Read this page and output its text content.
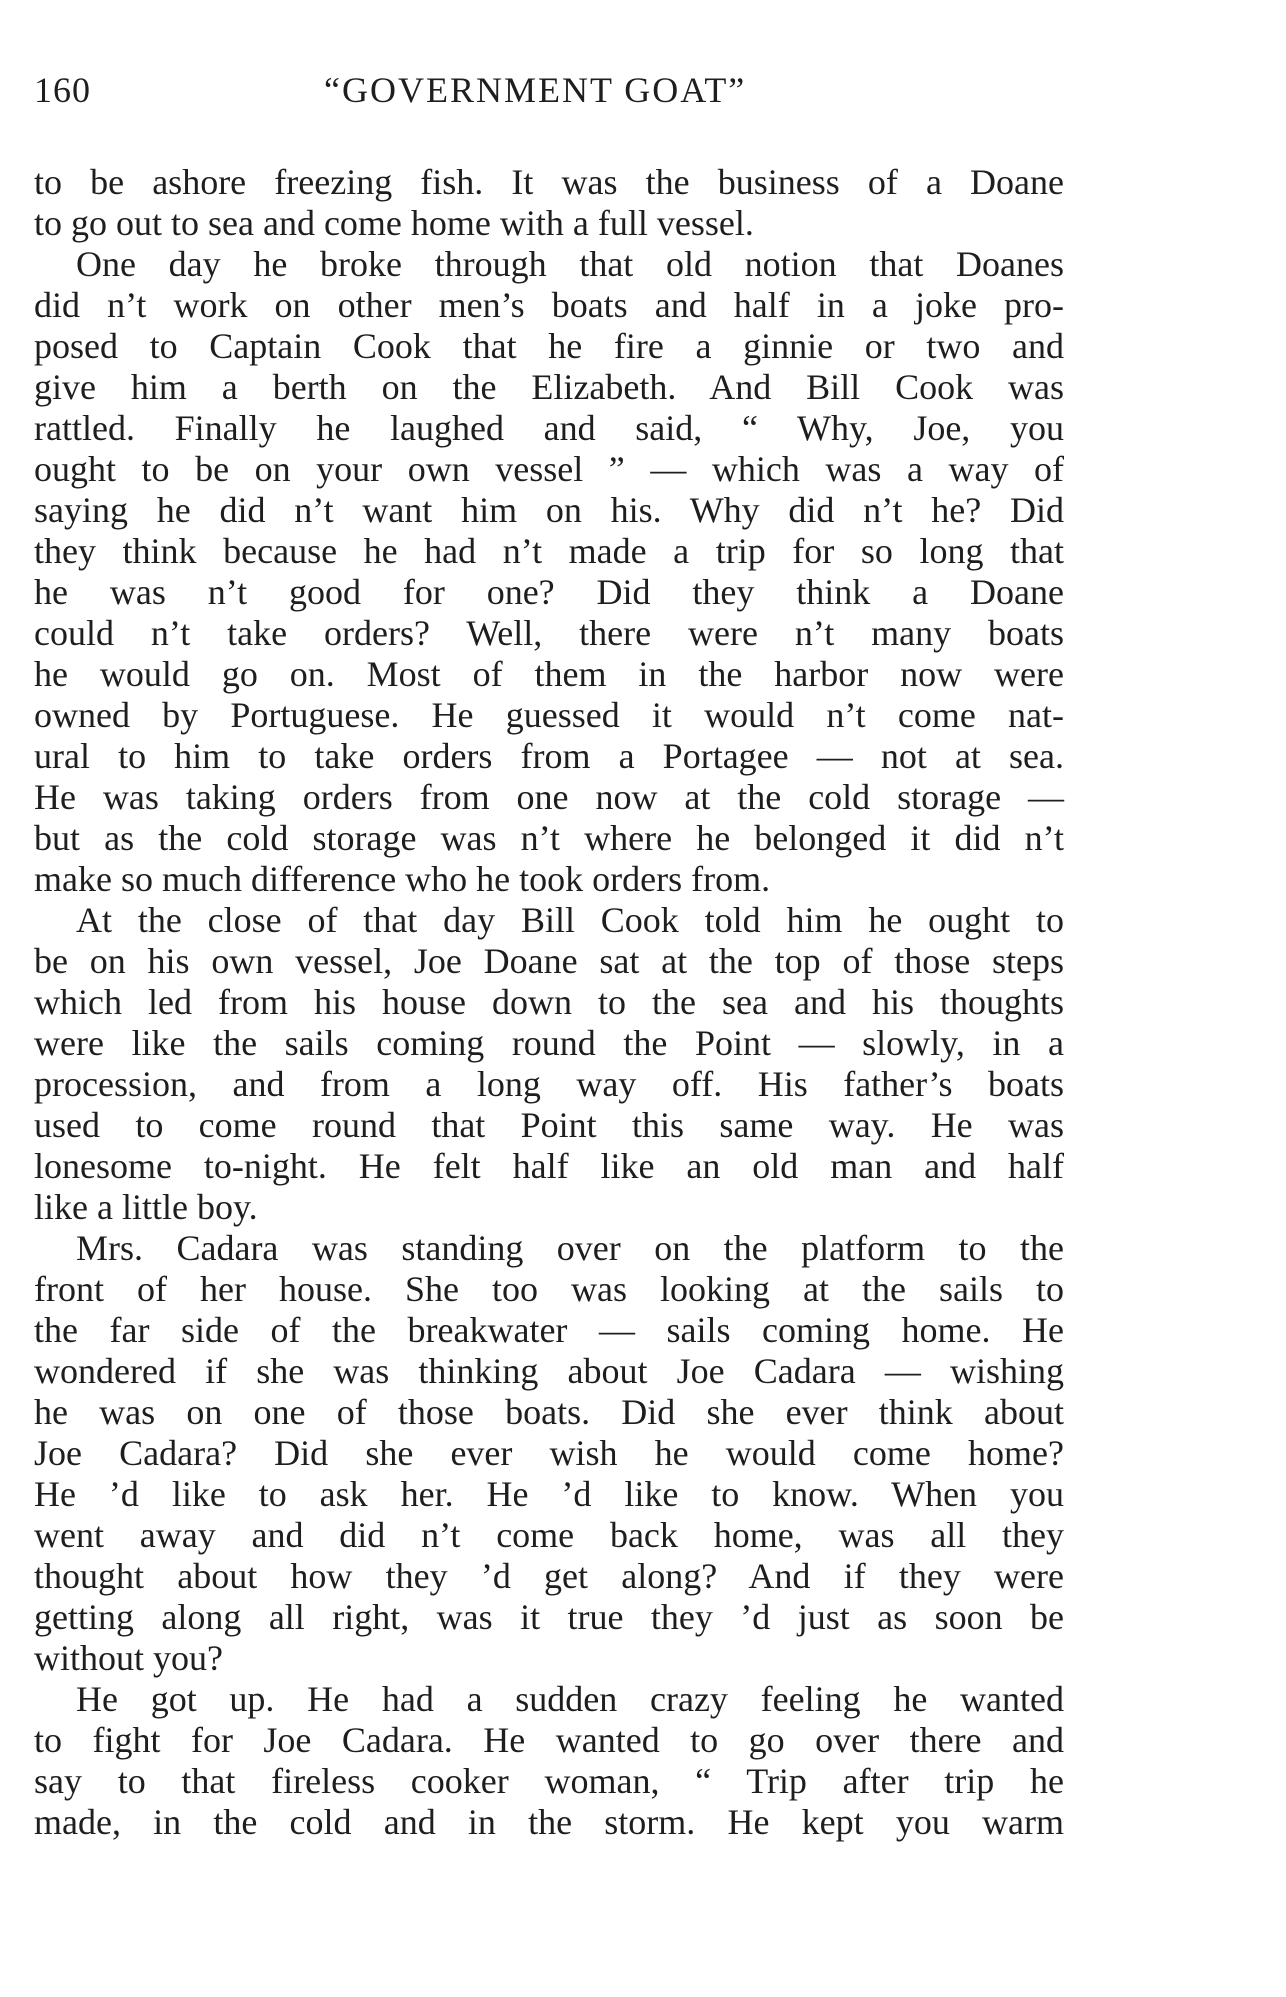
160	“GOVERNMENT GOAT”
to be ashore freezing fish. It was the business of a Doane
to go out to sea and come home with a full vessel.
One day he broke through that old notion that Doanes
did n’t work on other men’s boats and half in a joke pro-
posed to Captain Cook that he fire a ginnie or two and
give him a berth on the Elizabeth. And Bill Cook was
rattled. Finally he laughed and said, “ Why, Joe, you
ought to be on your own vessel ” — which was a way of
saying he did n’t want him on his. Why did n’t he? Did
they think because he had n’t made a trip for so long that
he was n’t good for one? Did they think a Doane
could n’t take orders? Well, there were n’t many boats
he would go on. Most of them in the harbor now were
owned by Portuguese. He guessed it would n’t come nat-
ural to him to take orders from a Portagee — not at sea.
He was taking orders from one now at the cold storage —
but as the cold storage was n’t where he belonged it did n’t
make so much difference who he took orders from.
At the close of that day Bill Cook told him he ought to
be on his own vessel, Joe Doane sat at the top of those steps
which led from his house down to the sea and his thoughts
were like the sails coming round the Point — slowly, in a
procession, and from a long way off. His father’s boats
used to come round that Point this same way. He was
lonesome to-night. He felt half like an old man and half
like a little boy.
Mrs. Cadara was standing over on the platform to the
front of her house. She too was looking at the sails to
the far side of the breakwater — sails coming home. He
wondered if she was thinking about Joe Cadara — wishing
he was on one of those boats. Did she ever think about
Joe Cadara? Did she ever wish he would come home?
He ’d like to ask her. He ’d like to know. When you
went away and did n’t come back home, was all they
thought about how they ’d get along? And if they were
getting along all right, was it true they ’d just as soon be
without you?
He got up. He had a sudden crazy feeling he wanted
to fight for Joe Cadara. He wanted to go over there and
say to that fireless cooker woman, “ Trip after trip he
made, in the cold and in the storm. He kept you warm
